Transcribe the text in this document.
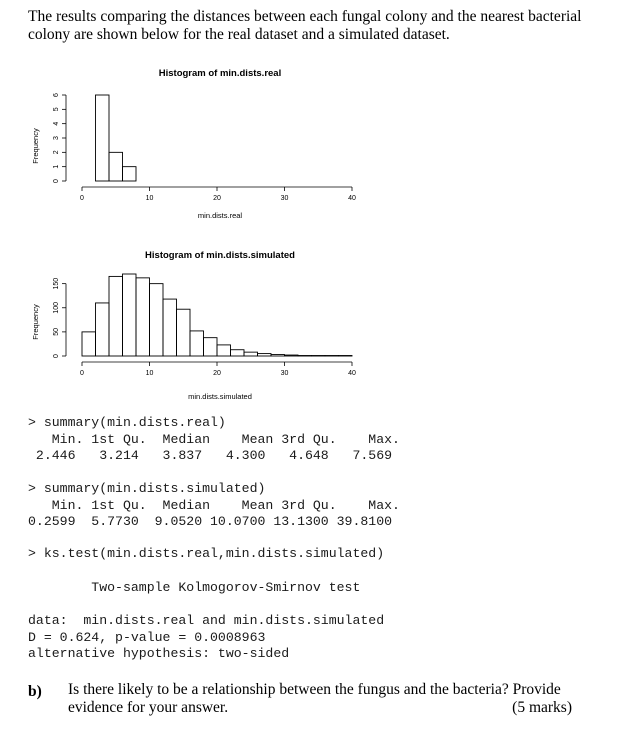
The results comparing the distances between each fungal colony and the nearest bacterial colony are shown below for the real dataset and a simulated dataset.
Histogram of min.dists.real
Frequency
min.dists.real
0	10	20	30	40
0
1
2
3
4
5
6
Histogram of min.dists.simulated
Frequency
min.dists.simulated
0	10	20	30	40
0
50
100
150
> summary(min.dists.real)
Min. 1st Qu.  Median    Mean 3rd Qu.    Max.
2.446   3.214   3.837   4.300   4.648   7.569
> summary(min.dists.simulated)
Min. 1st Qu.  Median    Mean 3rd Qu.    Max.
0.2599  5.7730  9.0520 10.0700 13.1300 39.8100
> ks.test(min.dists.real,min.dists.simulated)
Two-sample Kolmogorov-Smirnov test
data:  min.dists.real and min.dists.simulated
D = 0.624, p-value = 0.0008963
alternative hypothesis: two-sided
b) Is there likely to be a relationship between the fungus and the bacteria? Provide evidence for your answer.	(5 marks)
